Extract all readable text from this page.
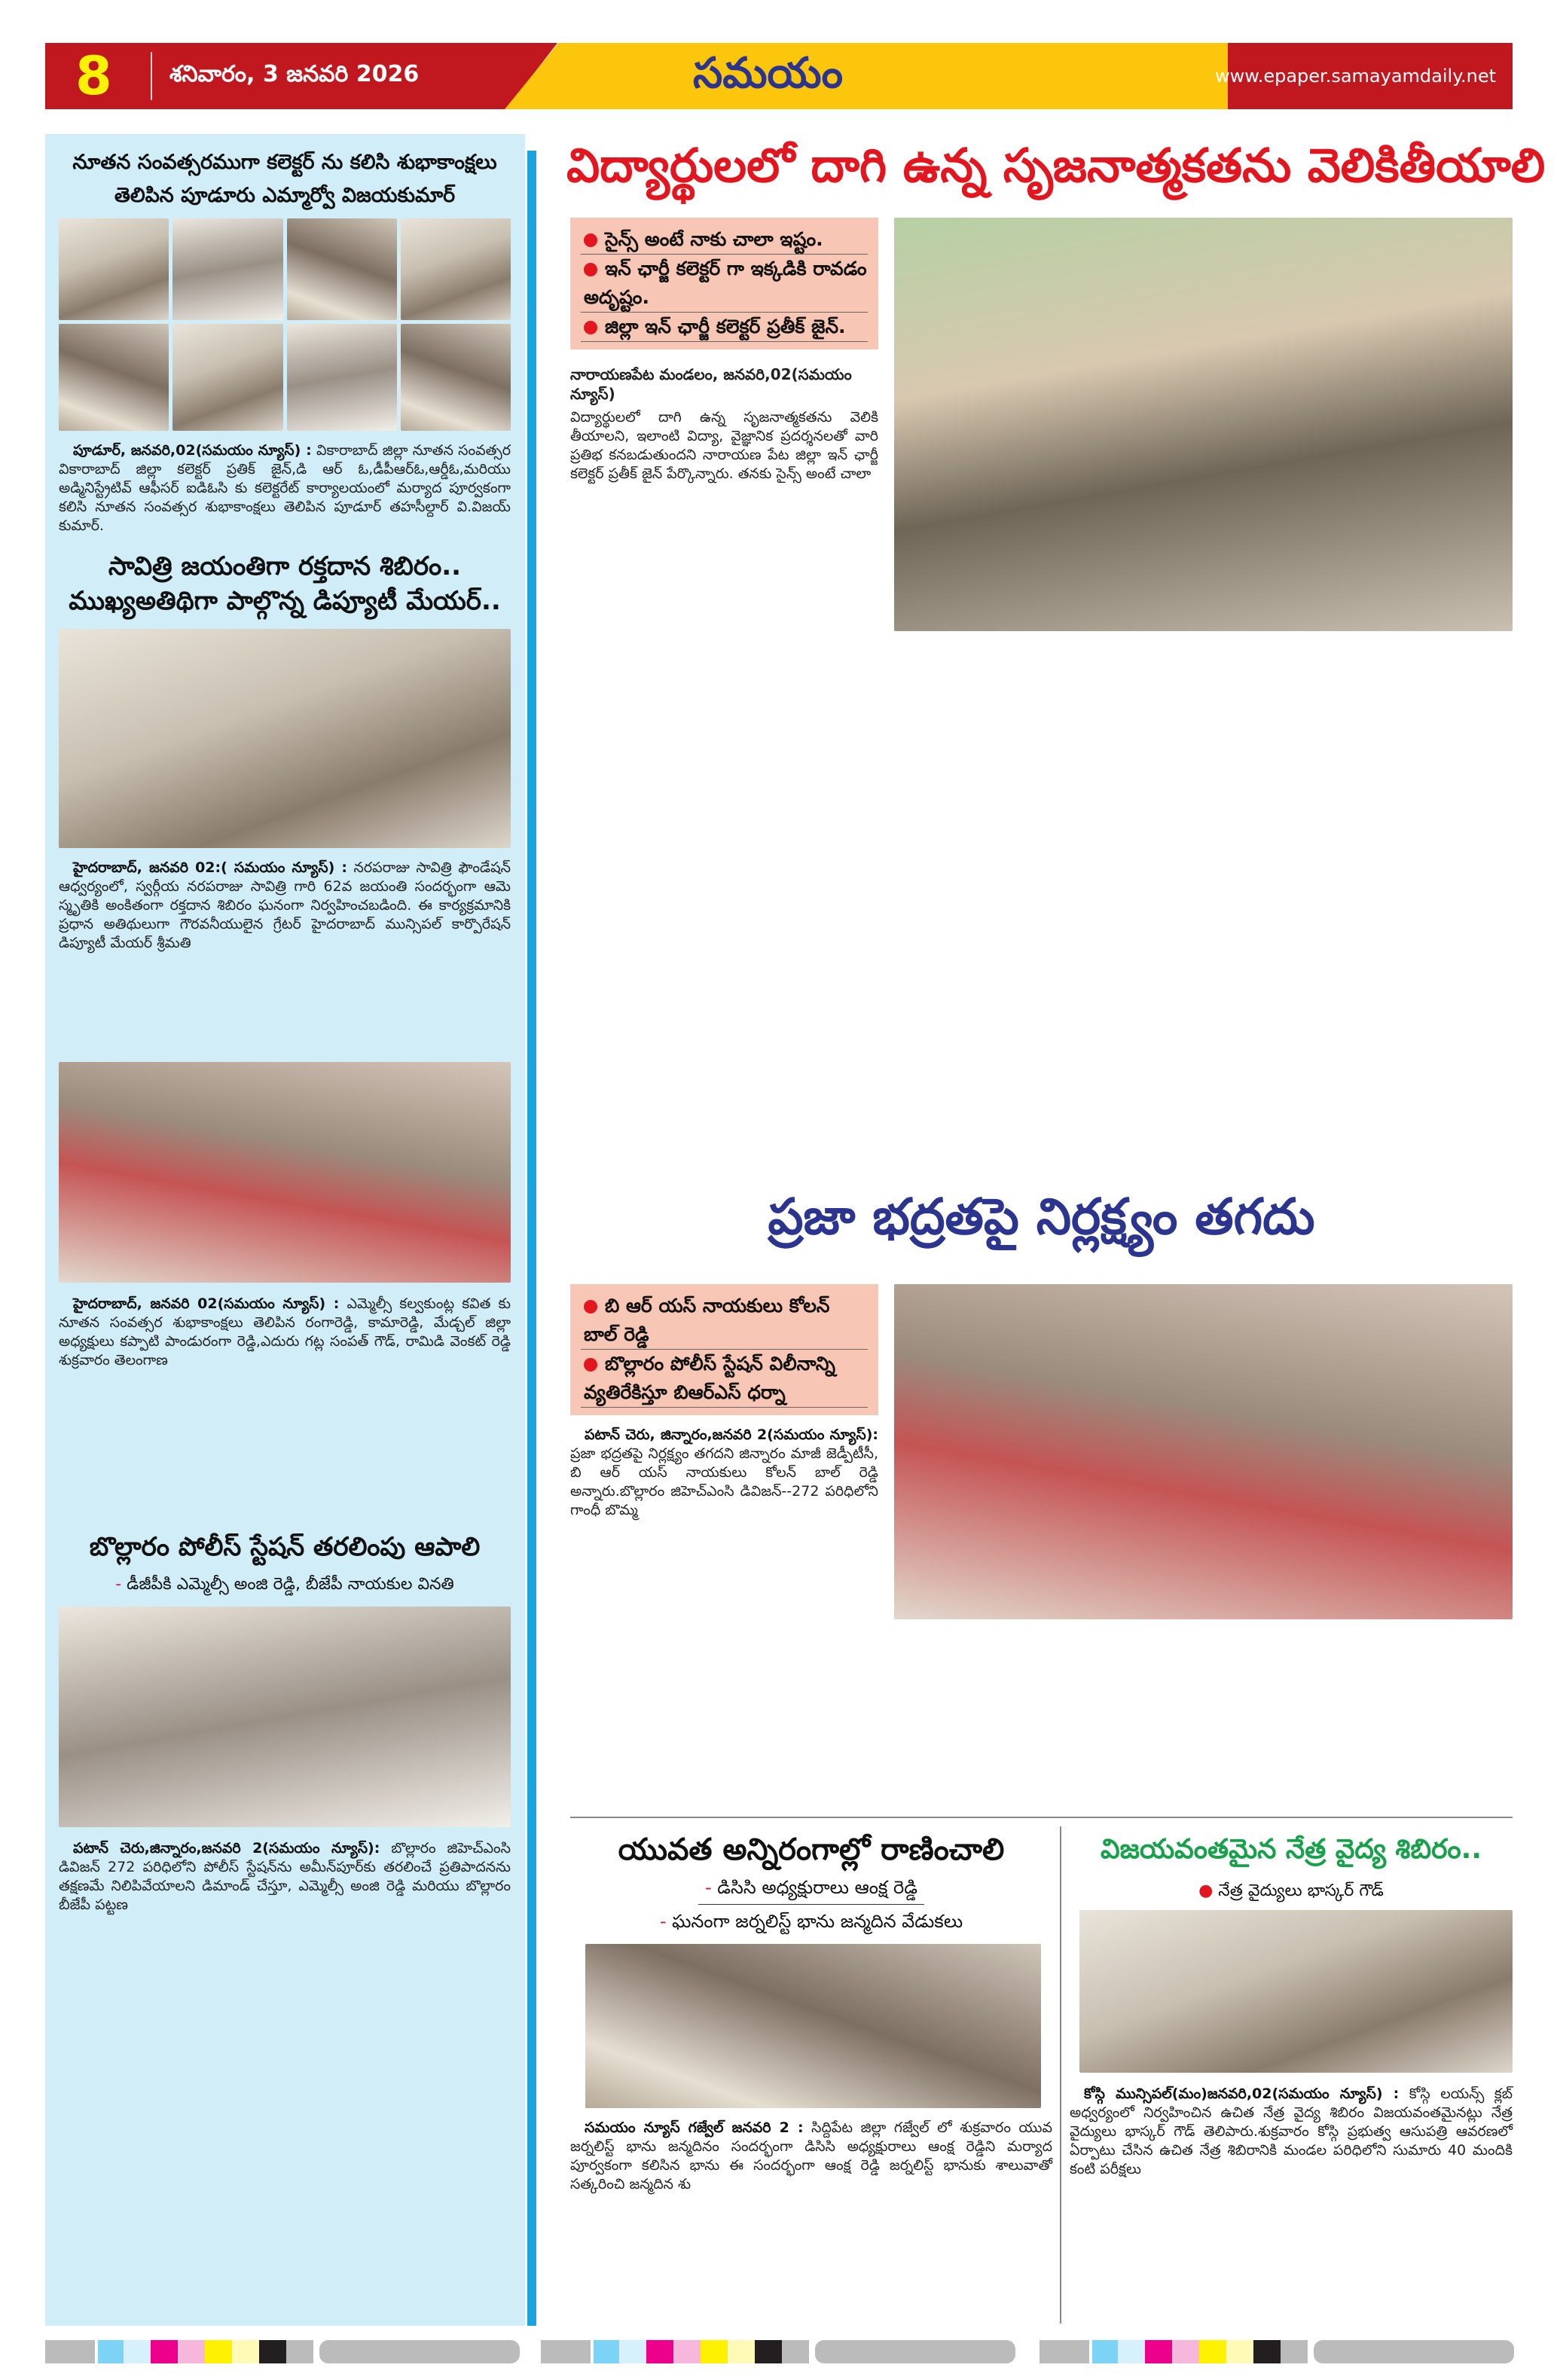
8	శనివారం, 3 జనవరి 2026	సమయం	www.epaper.samayamdaily.net
నూతన సంవత్సరముగా కలెక్టర్ ను కలిసి శుభాకాంక్షలు
తెలిపిన పూడూరు ఎమ్మార్వో విజయకుమార్
 పూడూర్, జనవరి,02(సమయం న్యూస్) : వికారాబాద్ జిల్లా నూతన సంవత్సర వికారాబాద్ జిల్లా కలెక్టర్ ప్రతిక్ జైన్,డి ఆర్ ఓ,డీపీఆర్ఓ,ఆర్డీఓ,మరియు అడ్మినిస్ట్రేటివ్ ఆఫీసర్ ఐడిఓసి కు కలెక్టరేట్ కార్యాలయంలో మర్యాద పూర్వకంగా కలిసి నూతన సంవత్సర శుభాకాంక్షలు తెలిపిన పూడూర్ తహసీల్దార్ వి.విజయ్ కుమార్.
సావిత్రి జయంతిగా రక్తదాన శిబిరం..
ముఖ్యఅతిథిగా పాల్గొన్న డిప్యూటీ మేయర్..
 హైదరాబాద్, జనవరి 02:( సమయం న్యూస్) : నరపరాజు సావిత్రి ఫౌండేషన్ ఆధ్వర్యంలో, స్వర్గీయ నరపరాజు సావిత్రి గారి 62వ జయంతి సందర్భంగా ఆమె స్మృతికి అంకితంగా రక్తదాన శిబిరం ఘనంగా నిర్వహించబడింది. ఈ కార్యక్రమానికి ప్రధాన అతిథులుగా గౌరవనీయులైన గ్రేటర్ హైదరాబాద్ మున్సిపల్ కార్పొరేషన్ డిప్యూటీ మేయర్ శ్రీమతి
 హైదరాబాద్, జనవరి 02(సమయం న్యూస్) : ఎమ్మెల్సీ కల్వకుంట్ల కవిత కు నూతన సంవత్సర శుభాకాంక్షలు తెలిపిన రంగారెడ్డి, కామారెడ్డి, మేడ్చల్ జిల్లా అధ్యక్షులు కప్పాటి పాండురంగా రెడ్డి,ఎదురు గట్ల సంపత్ గౌడ్, రామిడి వెంకట్ రెడ్డి శుక్రవారం తెలంగాణ
బొల్లారం పోలీస్ స్టేషన్ తరలింపు ఆపాలి
- డీజీపీకి ఎమ్మెల్సీ అంజి రెడ్డి, బీజేపీ నాయకుల వినతి
 పటాన్ చెరు,జిన్నారం,జనవరి 2(సమయం న్యూస్): బొల్లారం జిహెచ్ఎంసి డివిజన్ 272 పరిధిలోని పోలీస్ స్టేషన్‌ను అమీన్‌పూర్‌కు తరలించే ప్రతిపాదనను తక్షణమే నిలిపివేయాలని డిమాండ్ చేస్తూ, ఎమ్మెల్సీ అంజి రెడ్డి మరియు బొల్లారం బీజేపీ పట్టణ
విద్యార్థులలో దాగి ఉన్న సృజనాత్మకతను వెలికితీయాలి
సైన్స్ అంటే నాకు చాలా ఇష్టం.
ఇన్ ఛార్జీ కలెక్టర్ గా ఇక్కడికి రావడం అదృష్టం.
జిల్లా ఇన్ ఛార్జీ కలెక్టర్ ప్రతీక్ జైన్.
నారాయణపేట మండలం, జనవరి,02(సమయం న్యూస్)
విద్యార్థులలో దాగి ఉన్న సృజనాత్మకతను వెలికి తీయాలని, ఇలాంటి విద్యా, వైజ్ఞానిక ప్రదర్శనలతో వారి ప్రతిభ కనబడుతుందని నారాయణ పేట జిల్లా ఇన్ ఛార్జీ కలెక్టర్ ప్రతీక్ జైన్ పేర్కొన్నారు. తనకు సైన్స్ అంటే చాలా
ప్రజా భద్రతపై నిర్లక్ష్యం తగదు
బి ఆర్ యస్ నాయకులు కోలన్ బాల్ రెడ్డి
బొల్లారం పోలీస్ స్టేషన్ విలీనాన్ని వ్యతిరేకిస్తూ బిఆర్ఎస్ ధర్నా
 పటాన్ చెరు, జిన్నారం,జనవరి 2(సమయం న్యూస్): ప్రజా భద్రతపై నిర్లక్ష్యం తగదని జిన్నారం మాజీ జెడ్పీటీసీ, బి ఆర్ యస్ నాయకులు కోలన్ బాల్ రెడ్డి అన్నారు.బొల్లారం జిహెచ్ఎంసి డివిజన్--272 పరిధిలోని గాంధీ బొమ్మ
యువత అన్నిరంగాల్లో రాణించాలి
- డిసిసి అధ్యక్షురాలు ఆంక్ష రెడ్డి
- ఘనంగా జర్నలిస్ట్ భాను జన్మదిన వేడుకలు
 సమయం న్యూస్ గజ్వేల్ జనవరి 2 : సిద్దిపేట జిల్లా గజ్వేల్ లో శుక్రవారం యువ జర్నలిస్ట్ భాను జన్మదినం సందర్భంగా డిసిసి అధ్యక్షురాలు ఆంక్ష రెడ్డిని మర్యాద పూర్వకంగా కలిసిన భాను ఈ సందర్భంగా ఆంక్ష రెడ్డి జర్నలిస్ట్ భానుకు శాలువాతో సత్కరించి జన్మదిన శు
విజయవంతమైన నేత్ర వైద్య శిబిరం..
● నేత్ర వైద్యులు భాస్కర్ గౌడ్
 కోస్గి మున్సిపల్(మం)జనవరి,02(సమయం న్యూస్) : కోస్గి లయన్స్ క్లబ్ అధ్వర్యంలో నిర్వహించిన ఉచిత నేత్ర వైద్య శిబిరం విజయవంతమైనట్లు నేత్ర వైద్యులు భాస్కర్ గౌడ్ తెలిపారు.శుక్రవారం కోస్గి ప్రభుత్వ ఆసుపత్రి ఆవరణలో ఏర్పాటు చేసిన ఉచిత నేత్ర శిబిరానికి మండల పరిధిలోని సుమారు 40 మందికి కంటి పరీక్షలు
